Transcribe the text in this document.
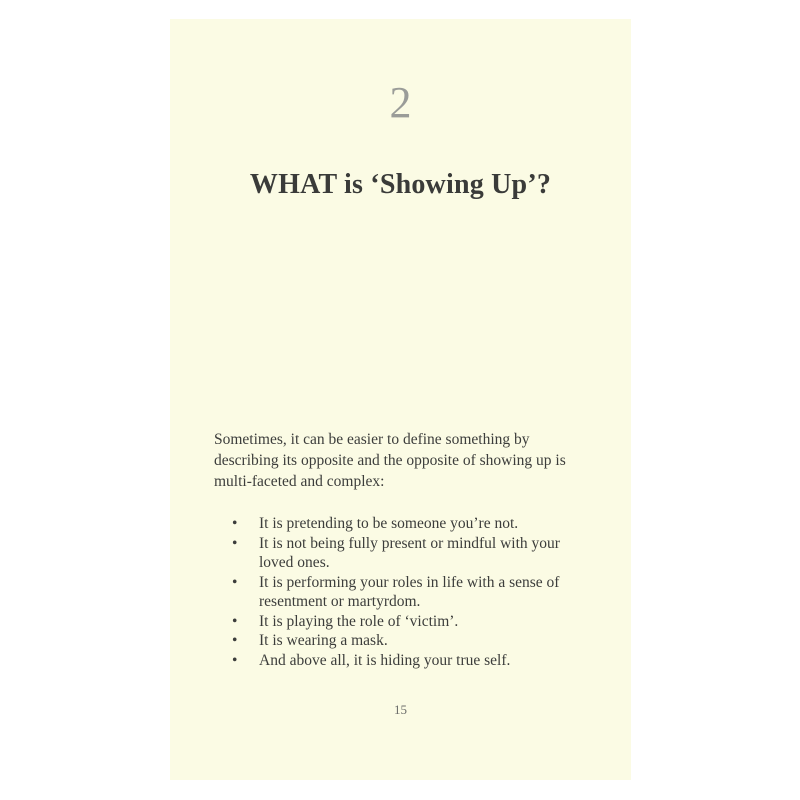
2
WHAT is ‘Showing Up’?

Sometimes, it can be easier to define something by describing its opposite and the opposite of showing up is multi-faceted and complex:

• It is pretending to be someone you’re not.
• It is not being fully present or mindful with your loved ones.
• It is performing your roles in life with a sense of resentment or martyrdom.
• It is playing the role of ‘victim’.
• It is wearing a mask.
• And above all, it is hiding your true self.
15
